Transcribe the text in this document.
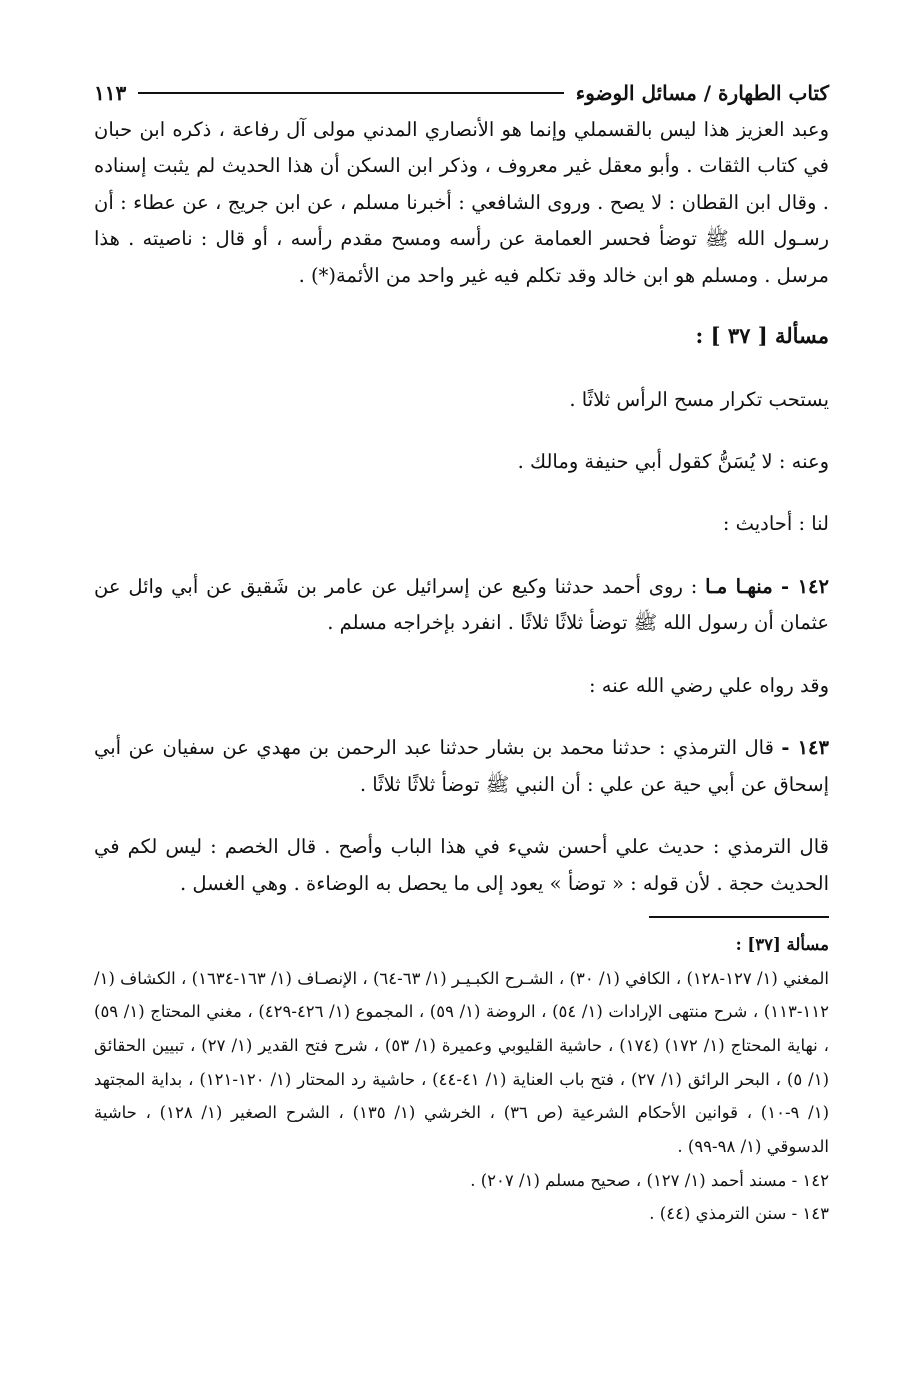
كتاب الطهارة / مسائل الوضوء
١١٣

وعبد العزيز هذا ليس بالقسملي وإنما هو الأنصاري المدني مولى آل رفاعة ، ذكره ابن حبان في كتاب الثقات . وأبو معقل غير معروف ، وذكر ابن السكن أن هذا الحديث لم يثبت إسناده . وقال ابن القطان : لا يصح . وروى الشافعي : أخبرنا مسلم ، عن ابن جريج ، عن عطاء : أن رسـول الله ﷺ توضأ فحسر العمامة عن رأسه ومسح مقدم رأسه ، أو قال : ناصيته . هذا مرسل . ومسلم هو ابن خالد وقد تكلم فيه غير واحد من الأئمة(*) .

مسألة [ ٣٧ ] :

يستحب تكرار مسح الرأس ثلاثًا .

وعنه : لا يُسَنُّ كقول أبي حنيفة ومالك .

لنا : أحاديث :

١٤٢ - منهـا مـا : روى أحمد حدثنا وكيع عن إسرائيل عن عامر بن شَقيق عن أبي وائل عن عثمان أن رسول الله ﷺ توضأ ثلاثًا ثلاثًا . انفرد بإخراجه مسلم .

وقد رواه علي رضي الله عنه :

١٤٣ - قال الترمذي : حدثنا محمد بن بشار حدثنا عبد الرحمن بن مهدي عن سفيان عن أبي إسحاق عن أبي حية عن علي : أن النبي ﷺ توضأ ثلاثًا ثلاثًا .

قال الترمذي : حديث علي أحسن شيء في هذا الباب وأصح . قال الخصم : ليس لكم في الحديث حجة . لأن قوله : « توضأ » يعود إلى ما يحصل به الوضاءة . وهي الغسل .

مسألة [٣٧] :

المغني (١/ ١٢٧-١٢٨) ، الكافي (١/ ٣٠) ، الشـرح الكبـيـر (١/ ٦٣-٦٤) ، الإنصـاف (١/ ١٦٣-١٦٣٤) ، الكشاف (١/ ١١٢-١١٣) ، شرح منتهى الإرادات (١/ ٥٤) ، الروضة (١/ ٥٩) ، المجموع (١/ ٤٢٦-٤٢٩) ، مغني المحتاج (١/ ٥٩) ، نهاية المحتاج (١/ ١٧٢) (١٧٤) ، حاشية القليوبي وعميرة (١/ ٥٣) ، شرح فتح القدير (١/ ٢٧) ، تبيين الحقائق (١/ ٥) ، البحر الرائق (١/ ٢٧) ، فتح باب العناية (١/ ٤١-٤٤) ، حاشية رد المحتار (١/ ١٢٠-١٢١) ، بداية المجتهد (١/ ٩-١٠) ، قوانين الأحكام الشرعية (ص ٣٦) ، الخرشي (١/ ١٣٥) ، الشرح الصغير (١/ ١٢٨) ، حاشية الدسوقي (١/ ٩٨-٩٩) .

١٤٢ - مسند أحمد (١/ ١٢٧) ، صحيح مسلم (١/ ٢٠٧) .

١٤٣ - سنن الترمذي (٤٤) .
